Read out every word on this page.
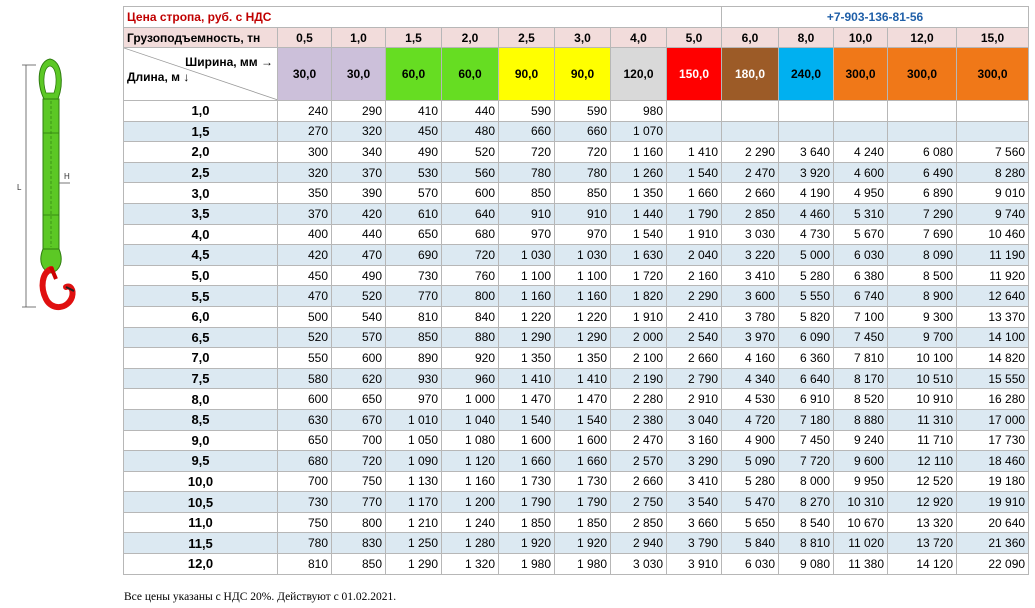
L
H
Цена стропа, руб. с НДС									+7-903-136-81-56				
Грузоподъемность, тн	0,5	1,0	1,5	2,0	2,5	3,0	4,0	5,0	6,0	8,0	10,0	12,0	15,0

Ширина, мм →
Длина, м ↓	30,0	30,0	60,0	60,0	90,0	90,0	120,0	150,0	180,0	240,0	300,0	300,0	300,0
1,0	240	290	410	440	590	590	980						
1,5	270	320	450	480	660	660	1 070						
2,0	300	340	490	520	720	720	1 160	1 410	2 290	3 640	4 240	6 080	7 560
2,5	320	370	530	560	780	780	1 260	1 540	2 470	3 920	4 600	6 490	8 280
3,0	350	390	570	600	850	850	1 350	1 660	2 660	4 190	4 950	6 890	9 010
3,5	370	420	610	640	910	910	1 440	1 790	2 850	4 460	5 310	7 290	9 740
4,0	400	440	650	680	970	970	1 540	1 910	3 030	4 730	5 670	7 690	10 460
4,5	420	470	690	720	1 030	1 030	1 630	2 040	3 220	5 000	6 030	8 090	11 190
5,0	450	490	730	760	1 100	1 100	1 720	2 160	3 410	5 280	6 380	8 500	11 920
5,5	470	520	770	800	1 160	1 160	1 820	2 290	3 600	5 550	6 740	8 900	12 640
6,0	500	540	810	840	1 220	1 220	1 910	2 410	3 780	5 820	7 100	9 300	13 370
6,5	520	570	850	880	1 290	1 290	2 000	2 540	3 970	6 090	7 450	9 700	14 100
7,0	550	600	890	920	1 350	1 350	2 100	2 660	4 160	6 360	7 810	10 100	14 820
7,5	580	620	930	960	1 410	1 410	2 190	2 790	4 340	6 640	8 170	10 510	15 550
8,0	600	650	970	1 000	1 470	1 470	2 280	2 910	4 530	6 910	8 520	10 910	16 280
8,5	630	670	1 010	1 040	1 540	1 540	2 380	3 040	4 720	7 180	8 880	11 310	17 000
9,0	650	700	1 050	1 080	1 600	1 600	2 470	3 160	4 900	7 450	9 240	11 710	17 730
9,5	680	720	1 090	1 120	1 660	1 660	2 570	3 290	5 090	7 720	9 600	12 110	18 460
10,0	700	750	1 130	1 160	1 730	1 730	2 660	3 410	5 280	8 000	9 950	12 520	19 180
10,5	730	770	1 170	1 200	1 790	1 790	2 750	3 540	5 470	8 270	10 310	12 920	19 910
11,0	750	800	1 210	1 240	1 850	1 850	2 850	3 660	5 650	8 540	10 670	13 320	20 640
11,5	780	830	1 250	1 280	1 920	1 920	2 940	3 790	5 840	8 810	11 020	13 720	21 360
12,0	810	850	1 290	1 320	1 980	1 980	3 030	3 910	6 030	9 080	11 380	14 120	22 090
Все цены указаны с НДС 20%. Действуют с 01.02.2021.
